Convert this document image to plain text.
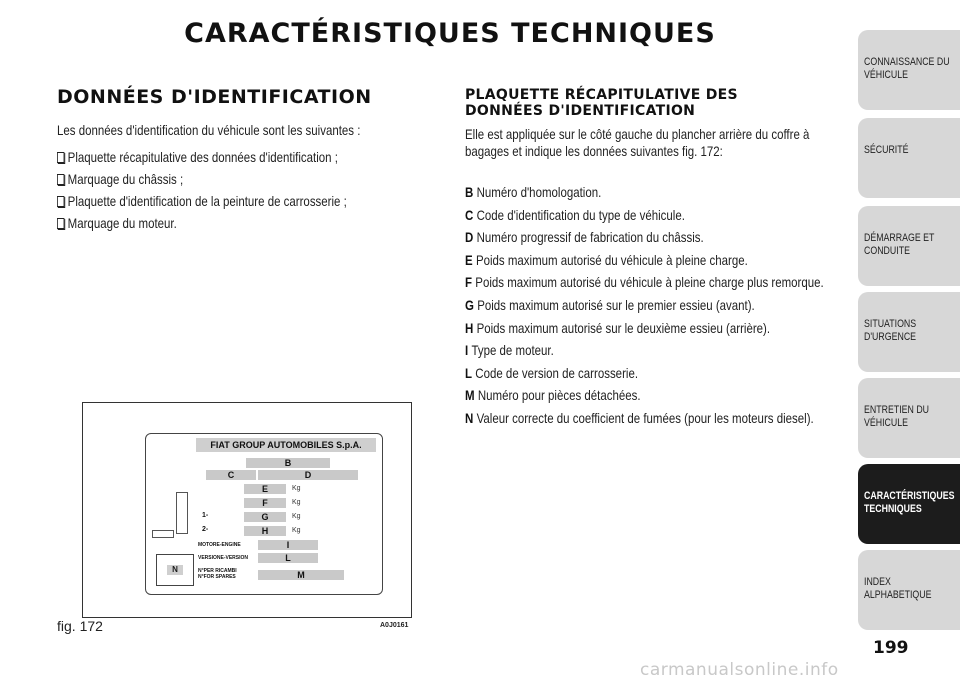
CARACTÉRISTIQUES TECHNIQUES
DONNÉES D'IDENTIFICATION
Les données d'identification du véhicule sont les suivantes :
Plaquette récapitulative des données d'identification ;
Marquage du châssis ;
Plaquette d'identification de la peinture de carrosserie ;
Marquage du moteur.
PLAQUETTE RÉCAPITULATIVE DES
DONNÉES D'IDENTIFICATION
Elle est appliquée sur le côté gauche du plancher arrière du coffre à bagages et indique les données suivantes fig. 172:
B Numéro d'homologation.
C Code d'identification du type de véhicule.
D Numéro progressif de fabrication du châssis.
E Poids maximum autorisé du véhicule à pleine charge.
F Poids maximum autorisé du véhicule à pleine charge plus remorque.
G Poids maximum autorisé sur le premier essieu (avant).
H Poids maximum autorisé sur le deuxième essieu (arrière).
I Type de moteur.
L Code de version de carrosserie.
M Numéro pour pièces détachées.
N Valeur correcte du coefficient de fumées (pour les moteurs diesel).
FIAT GROUP AUTOMOBILES S.p.A.
B
C	D
E	Kg
F	Kg
1-	G	Kg
2-	H	Kg
MOTORE-ENGINE	I
VERSIONE-VERSION	L
N°PER RICAMBI
N°FOR SPARES	M
N
fig. 172	A0J0161
CONNAISSANCE DU
VÉHICULE
SÉCURITÉ
DÉMARRAGE ET
CONDUITE
SITUATIONS
D'URGENCE
ENTRETIEN DU
VÉHICULE
CARACTÉRISTIQUES
TECHNIQUES
INDEX
ALPHABETIQUE
199
carmanualsonline.info
